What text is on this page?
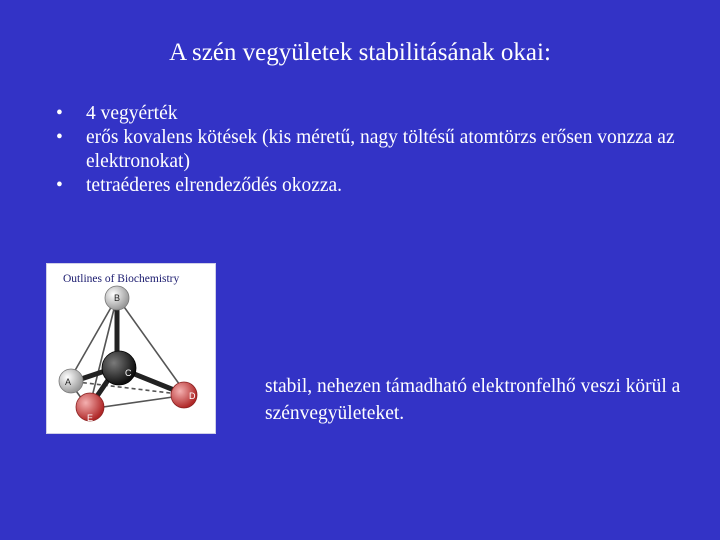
A szén vegyületek stabilitásának okai:
• 4 vegyérték
• erős kovalens kötések (kis méretű, nagy töltésű atomtörzs erősen vonzza az elektronokat)
• tetraéderes elrendeződés okozza.
B
A
D
C
E
Outlines of Biochemistry
stabil, nehezen támadható elektronfelhő veszi körül a szénvegyületeket.
